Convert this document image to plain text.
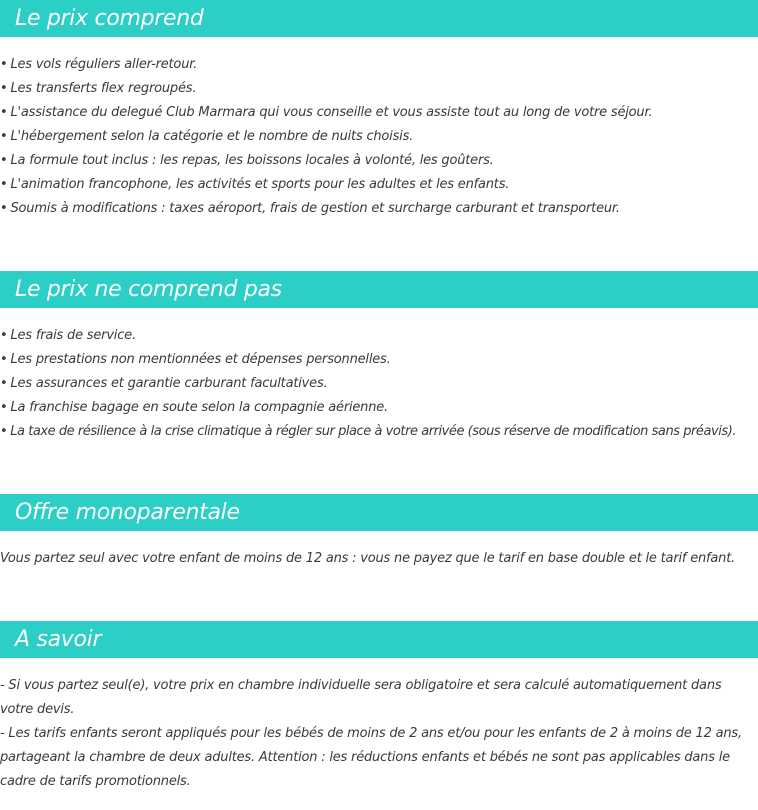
Le prix comprend
• Les vols réguliers aller-retour.
• Les transferts flex regroupés.
• L'assistance du delegué Club Marmara qui vous conseille et vous assiste tout au long de votre séjour.
• L'hébergement selon la catégorie et le nombre de nuits choisis.
• La formule tout inclus : les repas, les boissons locales à volonté, les goûters.
• L'animation francophone, les activités et sports pour les adultes et les enfants.
• Soumis à modifications : taxes aéroport, frais de gestion et surcharge carburant et transporteur.
Le prix ne comprend pas
• Les frais de service.
• Les prestations non mentionnées et dépenses personnelles.
• Les assurances et garantie carburant facultatives.
• La franchise bagage en soute selon la compagnie aérienne.
• La taxe de résilience à la crise climatique à régler sur place à votre arrivée (sous réserve de modification sans préavis).
Offre monoparentale

Vous partez seul avec votre enfant de moins de 12 ans : vous ne payez que le tarif en base double et le tarif enfant.

A savoir

- Si vous partez seul(e), votre prix en chambre individuelle sera obligatoire et sera calculé automatiquement dans votre devis.

- Les tarifs enfants seront appliqués pour les bébés de moins de 2 ans et/ou pour les enfants de 2 à moins de 12 ans, partageant la chambre de deux adultes. Attention : les réductions enfants et bébés ne sont pas applicables dans le cadre de tarifs promotionnels.
